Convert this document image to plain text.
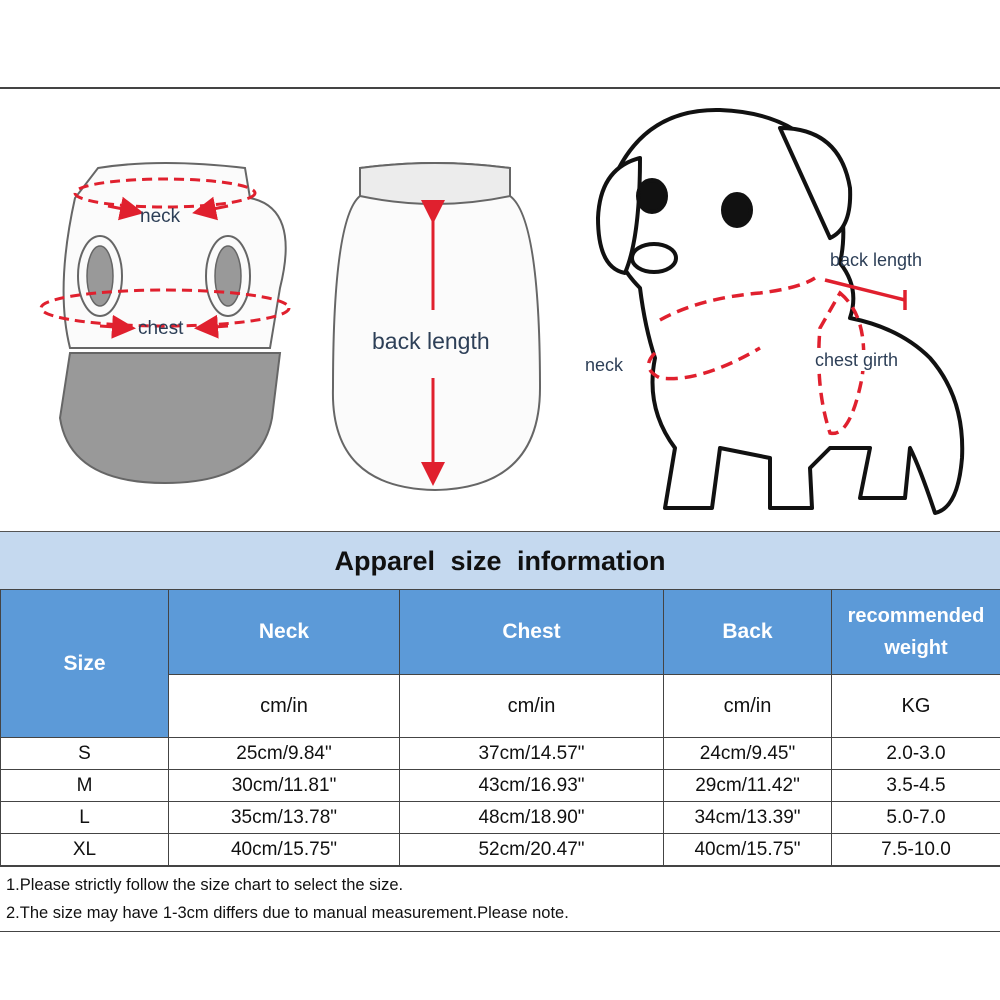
neck
chest	back length
back length
neck	chest girth
Apparel size information
Size	Neck	Chest	Back	recommended weight
	cm/in	cm/in	cm/in	KG
S	25cm/9.84"	37cm/14.57"	24cm/9.45"	2.0-3.0
M	30cm/11.81"	43cm/16.93"	29cm/11.42"	3.5-4.5
L	35cm/13.78"	48cm/18.90"	34cm/13.39"	5.0-7.0
XL	40cm/15.75"	52cm/20.47"	40cm/15.75"	7.5-10.0
1.Please strictly follow the size chart to select the size.
2.The size may have 1-3cm differs due to manual measurement.Please note.
